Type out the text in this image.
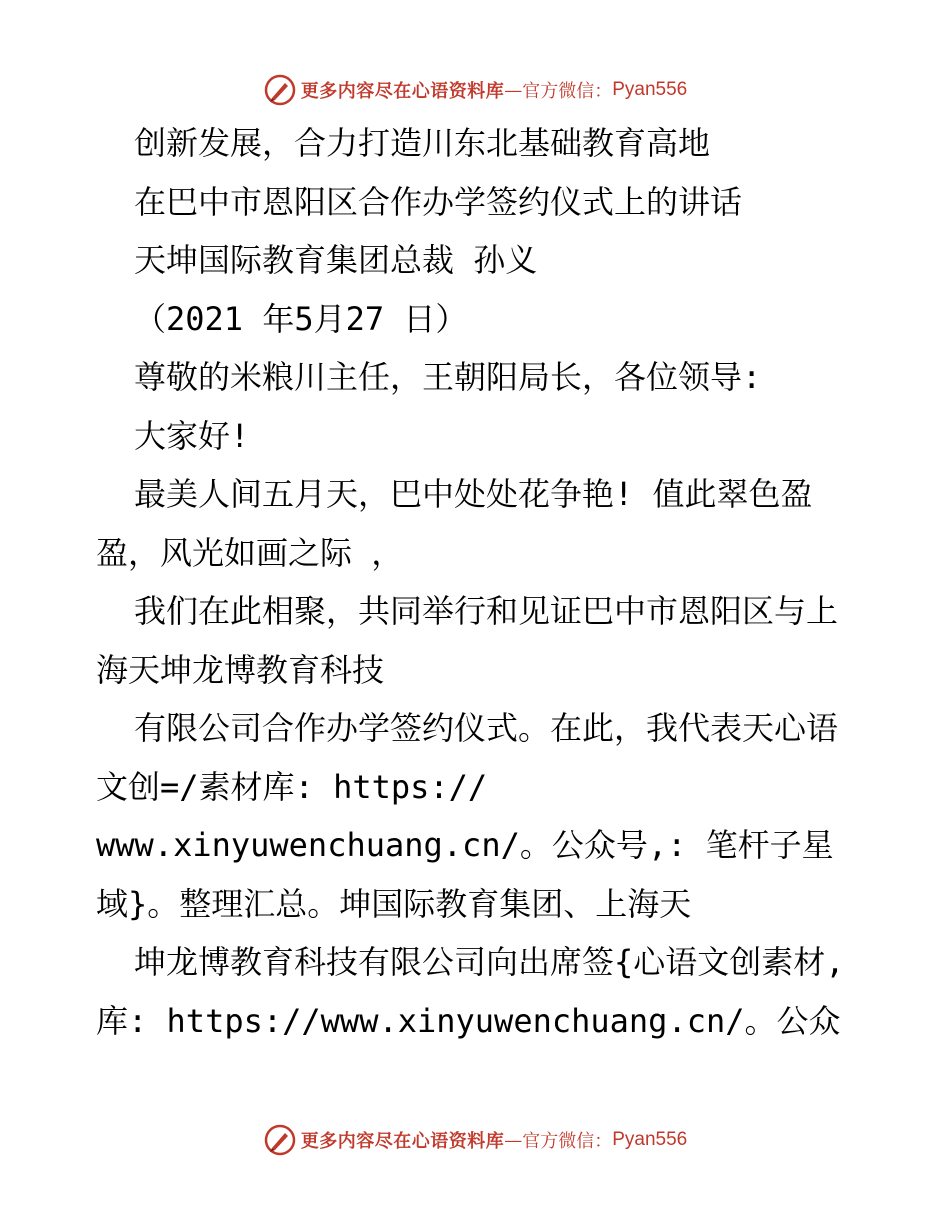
更多内容尽在心语资料库 — 官方微信： Pyan556

创新发展，合力打造川东北基础教育高地

在巴中市恩阳区合作办学签约仪式上的讲话

天坤国际教育集团总裁 孙义

（2021 年5月27 日）

尊敬的米粮川主任，王朝阳局长，各位领导:

大家好!

最美人间五月天，巴中处处花争艳! 值此翠色盈盈，风光如画之际 ，

我们在此相聚，共同举行和见证巴中市恩阳区与上海天坤龙博教育科技

有限公司合作办学签约仪式。在此，我代表天心语文创=/素材库: https://

www.xinyuwenchuang.cn/。公众号,: 笔杆子星域}。整理汇总。坤国际教育集团、上海天

坤龙博教育科技有限公司向出席签{心语文创素材,库: https://www.xinyuwenchuang.cn/。公众

更多内容尽在心语资料库 — 官方微信： Pyan556
